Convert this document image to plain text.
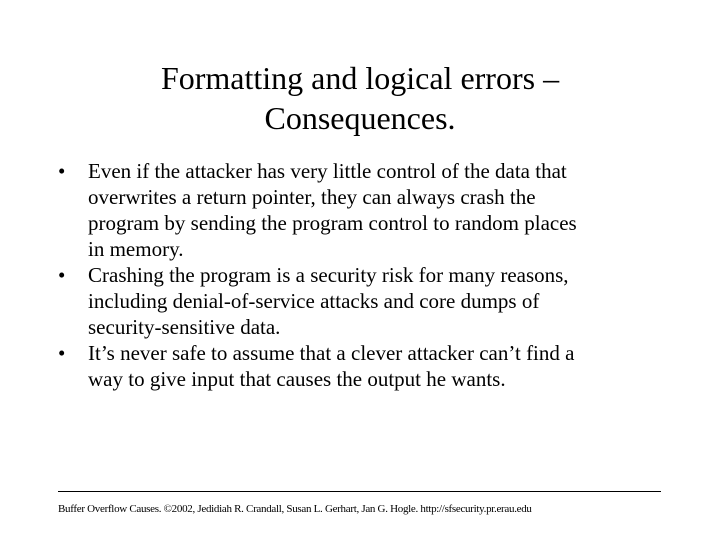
Formatting and logical errors –
Consequences.
•	Even if the attacker has very little control of the data that
overwrites a return pointer, they can always crash the
program by sending the program control to random places
in memory.
•	Crashing the program is a security risk for many reasons,
including denial-of-service attacks and core dumps of
security-sensitive data.
•	It’s never safe to assume that a clever attacker can’t find a
way to give input that causes the output he wants.
Buffer Overflow Causes. ©2002, Jedidiah R. Crandall, Susan L. Gerhart, Jan G. Hogle. http://sfsecurity.pr.erau.edu
